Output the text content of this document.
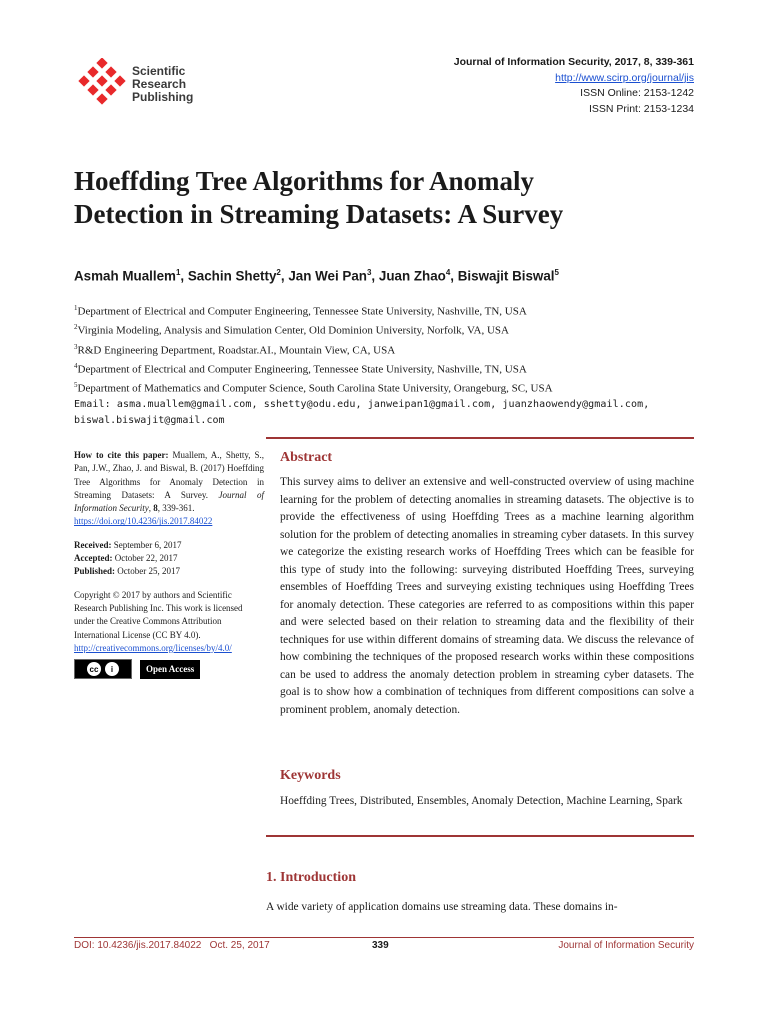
Scientific
Research
Publishing
Journal of Information Security, 2017, 8, 339-361
http://www.scirp.org/journal/jis
ISSN Online: 2153-1242
ISSN Print: 2153-1234
Hoeffding Tree Algorithms for Anomaly
Detection in Streaming Datasets: A Survey
Asmah Muallem$^1$, Sachin Shetty$^2$, Jan Wei Pan$^3$, Juan Zhao$^4$, Biswajit Biswal$^5$
$^1$Department of Electrical and Computer Engineering, Tennessee State University, Nashville, TN, USA
$^2$Virginia Modeling, Analysis and Simulation Center, Old Dominion University, Norfolk, VA, USA
$^3$R&D Engineering Department, Roadstar.AI., Mountain View, CA, USA
$^4$Department of Electrical and Computer Engineering, Tennessee State University, Nashville, TN, USA
$^5$Department of Mathematics and Computer Science, South Carolina State University, Orangeburg, SC, USA
Email: asma.muallem@gmail.com, sshetty@odu.edu, janweipan1@gmail.com, juanzhaowendy@gmail.com,
biswal.biswajit@gmail.com
How to cite this paper: Muallem, A., Shetty, S., Pan, J.W., Zhao, J. and Biswal, B. (2017) Hoeffding Tree Algorithms for Anomaly Detection in Streaming Datasets: A Survey. Journal of Information Security, 8, 339-361.
https://doi.org/10.4236/jis.2017.84022
Received: September 6, 2017
Accepted: October 22, 2017
Published: October 25, 2017
Copyright © 2017 by authors and Scientific Research Publishing Inc. This work is licensed under the Creative Commons Attribution International License (CC BY 4.0).
http://creativecommons.org/licenses/by/4.0/
cc	i	Open Access
Abstract
This survey aims to deliver an extensive and well-constructed overview of using machine learning for the problem of detecting anomalies in streaming datasets. The objective is to provide the effectiveness of using Hoeffding Trees as a machine learning algorithm solution for the problem of detecting anomalies in streaming cyber datasets. In this survey we categorize the existing research works of Hoeffding Trees which can be feasible for this type of study into the following: surveying distributed Hoeffding Trees, surveying ensembles of Hoeffding Trees and surveying existing techniques using Hoeffding Trees for anomaly detection. These categories are referred to as compositions within this paper and were selected based on their relation to streaming data and the flexibility of their techniques for use within different domains of streaming data. We discuss the relevance of how combining the techniques of the proposed research works within these compositions can be used to address the anomaly detection problem in streaming cyber datasets. The goal is to show how a combination of techniques from different compositions can solve a prominent problem, anomaly detection.
Keywords
Hoeffding Trees, Distributed, Ensembles, Anomaly Detection, Machine Learning, Spark
1. Introduction
A wide variety of application domains use streaming data. These domains in-
DOI: 10.4236/jis.2017.84022 Oct. 25, 2017	339	Journal of Information Security
